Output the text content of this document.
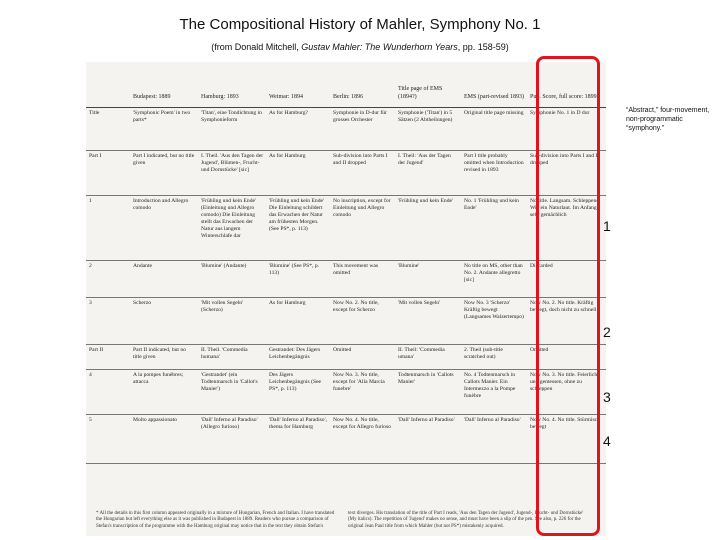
The Compositional History of Mahler, Symphony No. 1
(from Donald Mitchell, Gustav Mahler: The Wunderhorn Years, pp. 158-59)
	Budapest: 1889	Hamburg: 1893	Weimar: 1894	Berlin: 1896	Title page of EMS (1894?)	EMS (part-revised 1893)	Pub. Score, full score: 1899
Title	'Symphonic Poem' in two parts*	'Titan', eine Tondichtung in Symphonieform	As for Hamburg?	Symphonie in D-dur für grosses Orchester	Symphonie ('Titan') in 5 Sätzen (2 Abtheilungen)	Original title page missing	Symphonie No. 1 in D dur
Part I	Part I indicated, but no title given	I. Theil. 'Aus den Tagen der Jugend', Blümen-, Frucht- und Dornstücke' [sic]	As for Hamburg	Sub-division into Parts I and II dropped	I. Theil: 'Aus der Tagen der Jugend'	Part I title probably omitted when Introduction revised in 1893	Sub-division into Parts I and II dropped
1	Introduction and Allegro comodo	'Frühling und kein Ende' (Einleitung und Allegro comodo) Die Einleitung stellt das Erwachen der Natur aus langem Winterschlafe dar	'Frühling und kein Ende' Die Einleitung schildert das Erwachen der Natur am frühesten Morgen. (See PS*, p. 113)	No inscription, except for Einleitung und Allegro comodo	'Frühling und kein Ende'	No. 1 'Frühling und kein Ende'	No title. Langsam. Schleppend. Wie ein Naturlaut. Im Anfang sehr gemächlich
2	Andante	'Blumine' (Andante)	'Blumine' (See PS*, p. 113)	This movement was omitted	'Blumine'	No title on MS, other than No. 2. Andante allegretto [sic]	Discarded
3	Scherzo	'Mit vollen Segeln' (Scherzo)	As for Hamburg	Now No. 2. No title, except for Scherzo	'Mit vollen Segeln'	Now No. 3 'Scherzo' Kräftig bewegt (Langsames Walzertempo)	Now No. 2. No title. Kräftig bewegt, doch nicht zu schnell
Part II	Part II indicated, but no title given	II. Theil. 'Commedia humana'	Gestrandet: Des Jägers Leichenbegängnis	Omitted	II. Theil: 'Commedia umana'	2. Theil (sub-title scratched out)	Omitted
4	A la pompes funèbres; attacca	'Gestrandet' (ein Todtenmarsch in 'Callot's Manier')	Des Jägers Leichenbegängnis (See PS*, p. 113)	Now No. 3. No title, except for 'Alla Marcia funebre'	Todtenmarsch in 'Callots Manier'	No. 4 Todtenmarsch in Callots Manier. Ein Intermezzo a la Pompe funèbre	Now No. 3. No title. Feierlich und gemessen, ohne zu schleppen
5	Molto appassionato	'Dall' Inferno al Paradiso' (Allegro furioso)	'Dall' Inferno al Paradiso', thema for Hamburg	Now No. 4. No title, except for Allegro furioso	'Dall' Inferno al Paradiso'	'Dall' Inferno al Paradiso'	Now No. 4. No title. Stürmisch bewegt
* All the details in this first column appeared originally in a mixture of Hungarian, French and Italian. I have translated the Hungarian but left everything else as it was published in Budapest in 1889. Readers who pursue a comparison of Stefan's transcription of the programme with the Hamburg original may notice that in the text they obtain Stefan'stext diverges. His translation of the title of Part I reads, 'Aus den Tagen der Jugend', Jugend-, Frucht- und Dornstücke' (My italics). The repetition of 'Jugend' makes no sense, and must have been a slip of the pen. See also, p. 226 for the original Jean Paul title from which Mahler (but not PS*) mistakenly acquired.
“Abstract,” four-movement, non-programmatic “symphony.”
1
2
3
4
